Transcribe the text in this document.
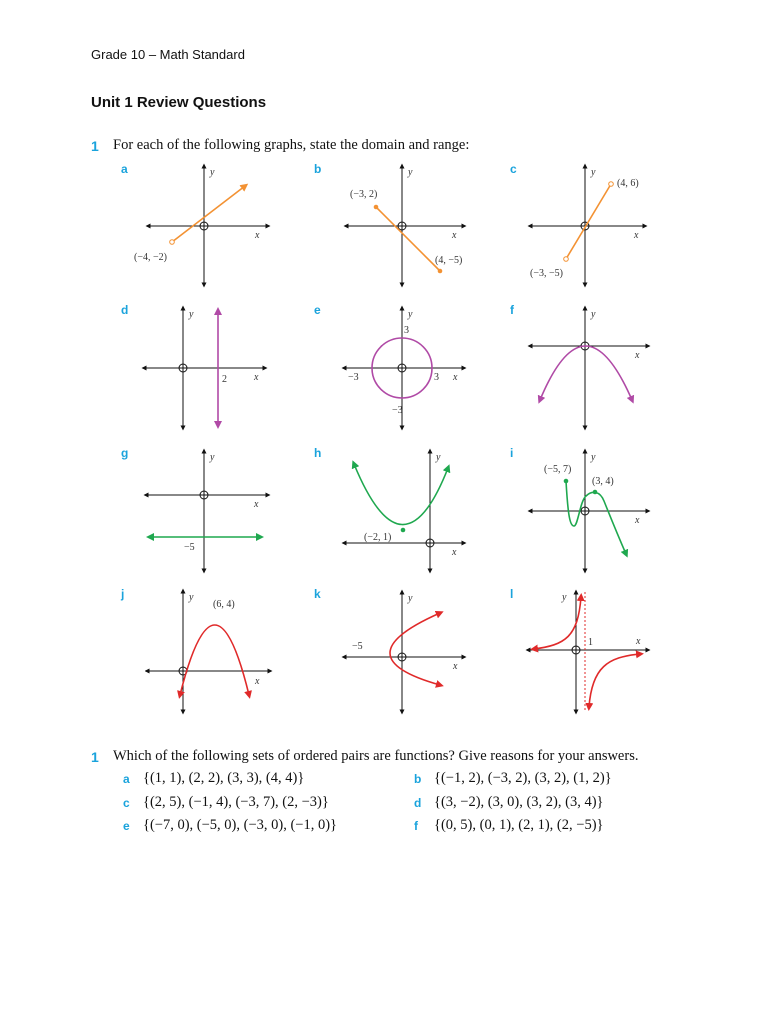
Grade 10 – Math Standard
Unit 1 Review Questions
1 For each of the following graphs, state the domain and range:
a	b	c
d	e	f
g	h	i
j	k	l
y
x
(−4, −2)
y
x
(−3, 2)
(4, −5)
y
x
(4, 6)
(−3, −5)
y
x
2
y
x
3
−3	3
−3
y
x
y
x
−5
y
x
(−2, 1)
y
x
(−5, 7)
(3, 4)
y
x
(6, 4)
y
x
−5
y
x
1
1 Which of the following sets of ordered pairs are functions? Give reasons for your answers.
a {(1, 1), (2, 2), (3, 3), (4, 4)}	b {(−1, 2), (−3, 2), (3, 2), (1, 2)}
c {(2, 5), (−1, 4), (−3, 7), (2, −3)}	d {(3, −2), (3, 0), (3, 2), (3, 4)}
e {(−7, 0), (−5, 0), (−3, 0), (−1, 0)}	f {(0, 5), (0, 1), (2, 1), (2, −5)}
